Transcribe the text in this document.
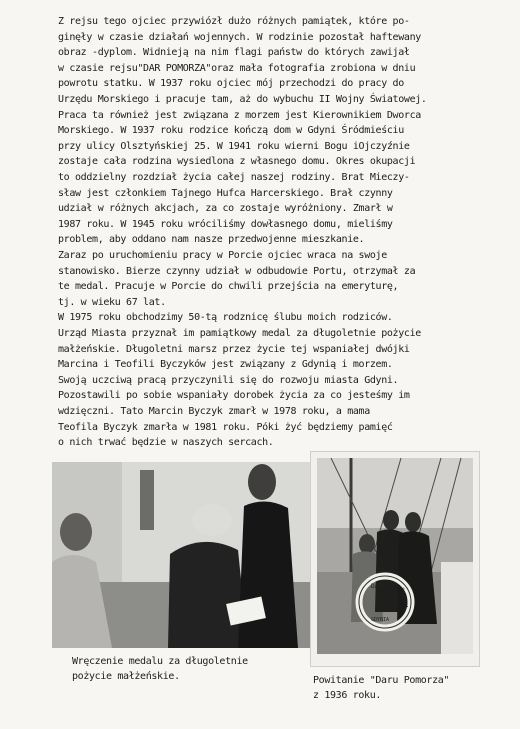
Z rejsu tego ojciec przywiózł dużo różnych pamiątek, które po-
ginęły w czasie działań wojennych. W rodzinie pozostał haftewany
obraz -dyplom. Widnieją na nim flagi państw do których zawijał
w czasie rejsu"DAR POMORZA"oraz mała fotografia zrobiona w dniu
powrotu statku. W 1937 roku ojciec mój przechodzi do pracy do
Urzędu Morskiego i pracuje tam, aż do wybuchu II Wojny Światowej.
Praca ta również jest związana z morzem jest Kierownikiem Dworca
Morskiego. W 1937 roku rodzice kończą dom w Gdyni Śródmieściu
przy ulicy Olsztyńskiej 25. W 1941 roku wierni Bogu iOjczyźnie
zostaje cała rodzina wysiedlona z własnego domu. Okres okupacji
to oddzielny rozdział życia całej naszej rodziny. Brat Mieczy-
sław jest członkiem Tajnego Hufca Harcerskiego. Brał czynny
udział w różnych akcjach, za co zostaje wyróżniony. Zmarł w
1987 roku. W 1945 roku wróciliśmy dowłasnego domu, mieliśmy
problem, aby oddano nam nasze przedwojenne mieszkanie.
Zaraz po uruchomieniu pracy w Porcie ojciec wraca na swoje
stanowisko. Bierze czynny udział w odbudowie Portu, otrzymał za
te medal. Pracuje w Porcie do chwili przejścia na emeryturę,
tj. w wieku 67 lat.
W 1975 roku obchodzimy 50-tą rodznicę ślubu moich rodziców.
Urząd Miasta przyznał im pamiątkowy medal za długoletnie pożycie
małżeńskie. Długoletni marsz przez życie tej wspaniałej dwójki
Marcina i Teofili Byczyków jest związany z Gdynią i morzem.
Swoją uczciwą pracą przyczynili się do rozwoju miasta Gdyni.
Pozostawili po sobie wspaniały dorobek życia za co jesteśmy im
wdzięczni. Tato Marcin Byczyk zmarł w 1978 roku, a mama
Teofila Byczyk zmarła w 1981 roku. Póki żyć będziemy pamięć
o nich trwać będzie w naszych sercach.
Wręczenie medalu za długoletnie
pożycie małżeńskie.
DAR
POMORZA
GDYNIA
Powitanie "Daru Pomorza"
z 1936 roku.
